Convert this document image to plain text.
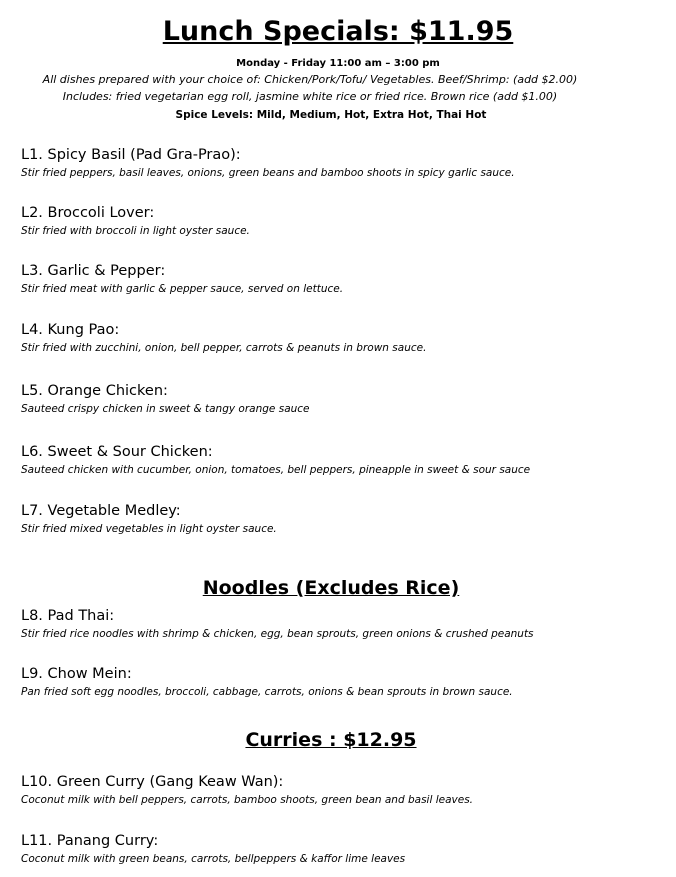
Lunch Specials: $11.95
Monday - Friday 11:00 am – 3:00 pm
All dishes prepared with your choice of: Chicken/Pork/Tofu/ Vegetables. Beef/Shrimp: (add $2.00)
Includes: fried vegetarian egg roll, jasmine white rice or fried rice. Brown rice (add $1.00)
Spice Levels: Mild, Medium, Hot, Extra Hot, Thai Hot
L1. Spicy Basil (Pad Gra-Prao):
Stir fried peppers, basil leaves, onions, green beans and bamboo shoots in spicy garlic sauce.
L2. Broccoli Lover:
Stir fried with broccoli in light oyster sauce.
L3. Garlic & Pepper:
Stir fried meat with garlic & pepper sauce, served on lettuce.
L4. Kung Pao:
Stir fried with zucchini, onion, bell pepper, carrots & peanuts in brown sauce.
L5. Orange Chicken:
Sauteed crispy chicken in sweet & tangy orange sauce
L6. Sweet & Sour Chicken:
Sauteed chicken with cucumber, onion, tomatoes, bell peppers, pineapple in sweet & sour sauce
L7. Vegetable Medley:
Stir fried mixed vegetables in light oyster sauce.
Noodles (Excludes Rice)
L8. Pad Thai:
Stir fried rice noodles with shrimp & chicken, egg, bean sprouts, green onions & crushed peanuts
L9. Chow Mein:
Pan fried soft egg noodles, broccoli, cabbage, carrots, onions & bean sprouts in brown sauce.
Curries : $12.95
L10. Green Curry (Gang Keaw Wan):
Coconut milk with bell peppers, carrots, bamboo shoots, green bean and basil leaves.
L11. Panang Curry:
Coconut milk with green beans, carrots, bellpeppers & kaffor lime leaves
